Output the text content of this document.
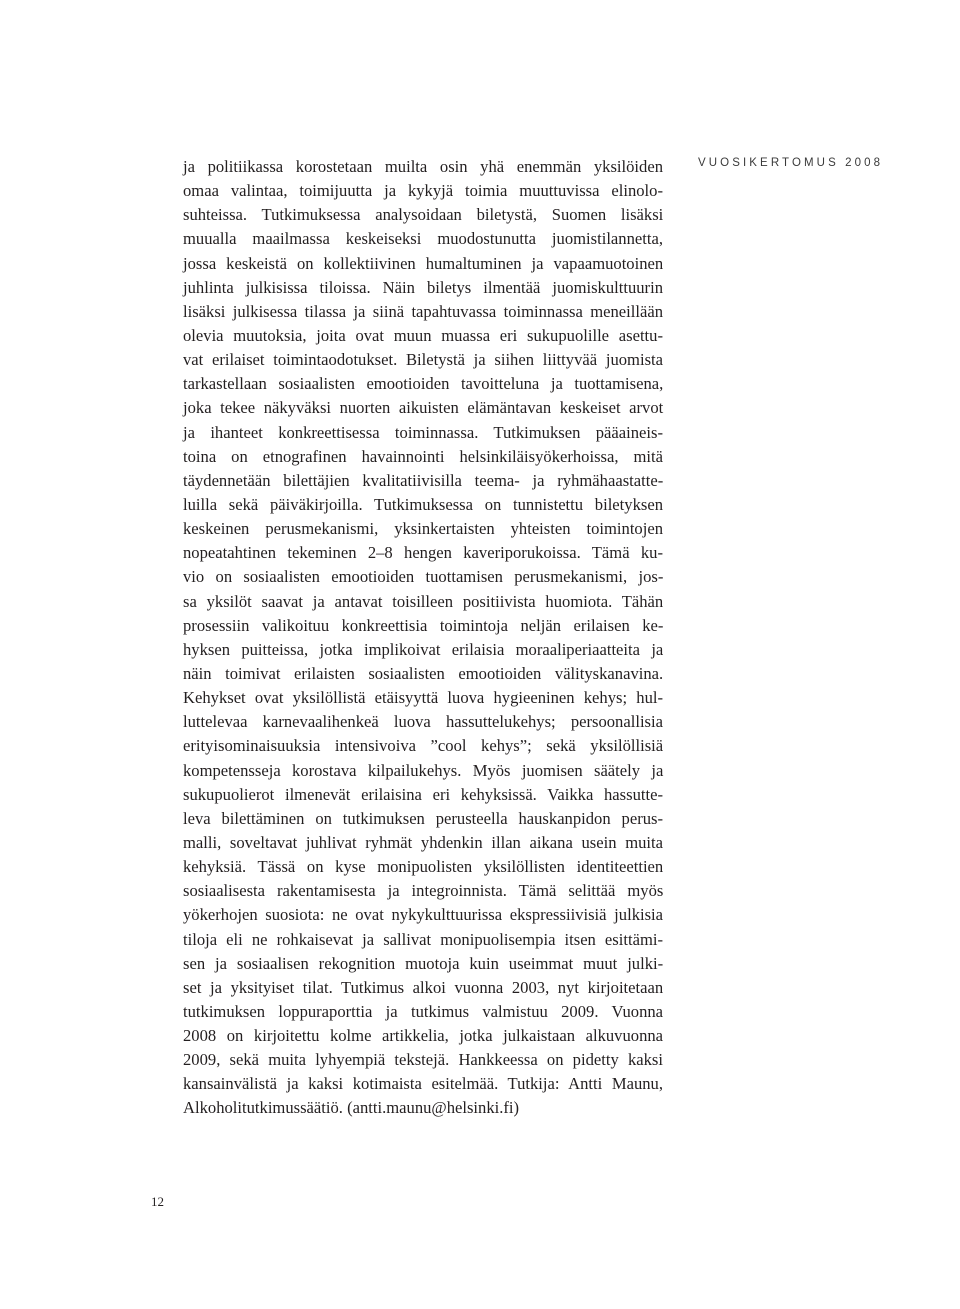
VUOSIKERTOMUS 2008
ja politiikassa korostetaan muilta osin yhä enemmän yksilöiden
omaa valintaa, toimijuutta ja kykyjä toimia muuttuvissa elinolo-
suhteissa. Tutkimuksessa analysoidaan biletystä, Suomen lisäksi
muualla maailmassa keskeiseksi muodostunutta juomistilannetta,
jossa keskeistä on kollektiivinen humaltuminen ja vapaamuotoinen
juhlinta julkisissa tiloissa. Näin biletys ilmentää juomiskulttuurin
lisäksi julkisessa tilassa ja siinä tapahtuvassa toiminnassa meneillään
olevia muutoksia, joita ovat muun muassa eri sukupuolille asettu-
vat erilaiset toimintaodotukset. Biletystä ja siihen liittyvää juomista
tarkastellaan sosiaalisten emootioiden tavoitteluna ja tuottamisena,
joka tekee näkyväksi nuorten aikuisten elämäntavan keskeiset arvot
ja ihanteet konkreettisessa toiminnassa. Tutkimuksen pääaineis-
toina on etnografinen havainnointi helsinkiläisyökerhoissa, mitä
täydennetään bilettäjien kvalitatiivisilla teema- ja ryhmähaastatte-
luilla sekä päiväkirjoilla. Tutkimuksessa on tunnistettu biletyksen
keskeinen perusmekanismi, yksinkertaisten yhteisten toimintojen
nopeatahtinen tekeminen 2–8 hengen kaveriporukoissa. Tämä ku-
vio on sosiaalisten emootioiden tuottamisen perusmekanismi, jos-
sa yksilöt saavat ja antavat toisilleen positiivista huomiota. Tähän
prosessiin valikoituu konkreettisia toimintoja neljän erilaisen ke-
hyksen puitteissa, jotka implikoivat erilaisia moraaliperiaatteita ja
näin toimivat erilaisten sosiaalisten emootioiden välityskanavina.
Kehykset ovat yksilöllistä etäisyyttä luova hygieeninen kehys; hul-
luttelevaa karnevaalihenkeä luova hassuttelukehys; persoonallisia
erityisominaisuuksia intensivoiva ”cool kehys”; sekä yksilöllisiä
kompetensseja korostava kilpailukehys. Myös juomisen säätely ja
sukupuolierot ilmenevät erilaisina eri kehyksissä. Vaikka hassutte-
leva bilettäminen on tutkimuksen perusteella hauskanpidon perus-
malli, soveltavat juhlivat ryhmät yhdenkin illan aikana usein muita
kehyksiä. Tässä on kyse monipuolisten yksilöllisten identiteettien
sosiaalisesta rakentamisesta ja integroinnista. Tämä selittää myös
yökerhojen suosiota: ne ovat nykykulttuurissa ekspressiivisiä julkisia
tiloja eli ne rohkaisevat ja sallivat monipuolisempia itsen esittämi-
sen ja sosiaalisen rekognition muotoja kuin useimmat muut julki-
set ja yksityiset tilat. Tutkimus alkoi vuonna 2003, nyt kirjoitetaan
tutkimuksen loppuraporttia ja tutkimus valmistuu 2009. Vuonna
2008 on kirjoitettu kolme artikkelia, jotka julkaistaan alkuvuonna
2009, sekä muita lyhyempiä tekstejä. Hankkeessa on pidetty kaksi
kansainvälistä ja kaksi kotimaista esitelmää. Tutkija: Antti Maunu,
Alkoholitutkimussäätiö. (antti.maunu@helsinki.fi)
12
